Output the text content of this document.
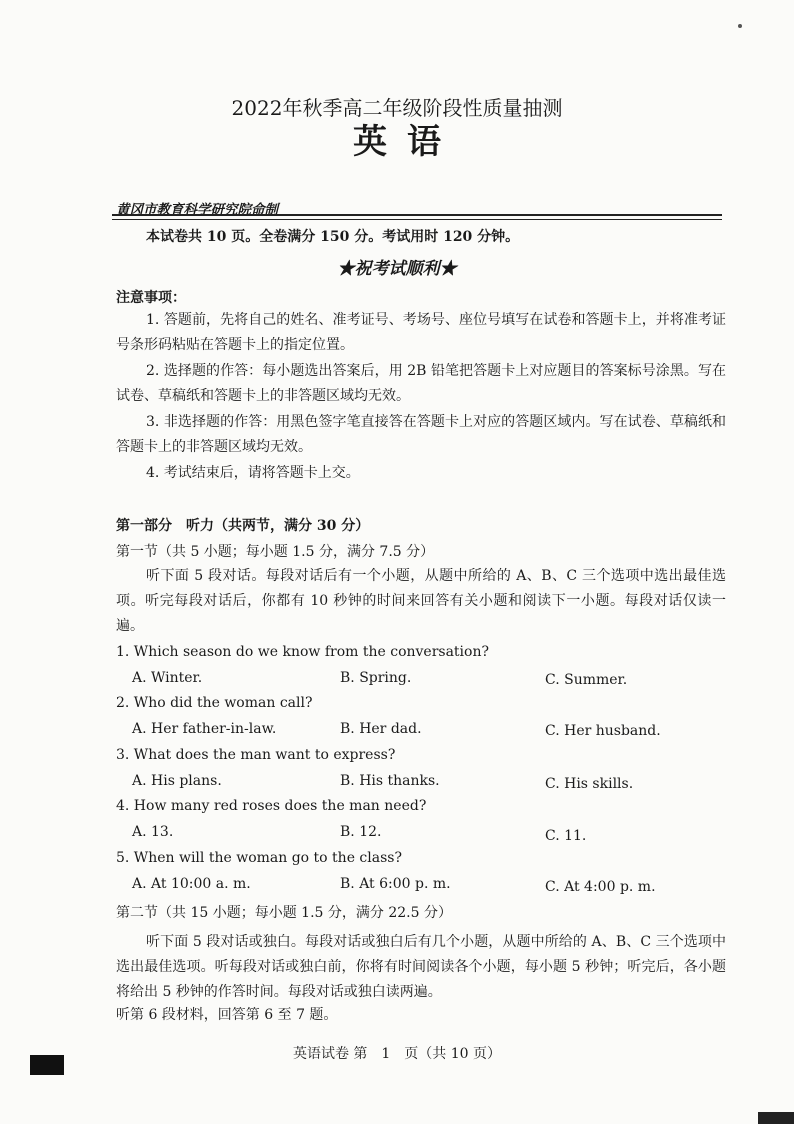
2022年秋季高二年级阶段性质量抽测
英语
黄冈市教育科学研究院命制
本试卷共 10 页。全卷满分 150 分。考试用时 120 分钟。
★祝考试顺利★
注意事项：
1. 答题前，先将自己的姓名、准考证号、考场号、座位号填写在试卷和答题卡上，并将准考证号条形码粘贴在答题卡上的指定位置。
2. 选择题的作答：每小题选出答案后，用 2B 铅笔把答题卡上对应题目的答案标号涂黑。写在试卷、草稿纸和答题卡上的非答题区域均无效。
3. 非选择题的作答：用黑色签字笔直接答在答题卡上对应的答题区域内。写在试卷、草稿纸和答题卡上的非答题区域均无效。
4. 考试结束后，请将答题卡上交。
第一部分　听力（共两节，满分 30 分）
第一节（共 5 小题；每小题 1.5 分，满分 7.5 分）
听下面 5 段对话。每段对话后有一个小题，从题中所给的 A、B、C 三个选项中选出最佳选项。听完每段对话后，你都有 10 秒钟的时间来回答有关小题和阅读下一小题。每段对话仅读一遍。
1. Which season do we know from the conversation?
A. Winter.	B. Spring.	C. Summer.
2. Who did the woman call?
A. Her father-in-law.	B. Her dad.	C. Her husband.
3. What does the man want to express?
A. His plans.	B. His thanks.	C. His skills.
4. How many red roses does the man need?
A. 13.	B. 12.	C. 11.
5. When will the woman go to the class?
A. At 10:00 a. m.	B. At 6:00 p. m.	C. At 4:00 p. m.
第二节（共 15 小题；每小题 1.5 分，满分 22.5 分）
听下面 5 段对话或独白。每段对话或独白后有几个小题，从题中所给的 A、B、C 三个选项中选出最佳选项。听每段对话或独白前，你将有时间阅读各个小题，每小题 5 秒钟；听完后，各小题将给出 5 秒钟的作答时间。每段对话或独白读两遍。
听第 6 段材料，回答第 6 至 7 题。
英语试卷 第　1　页（共 10 页）
